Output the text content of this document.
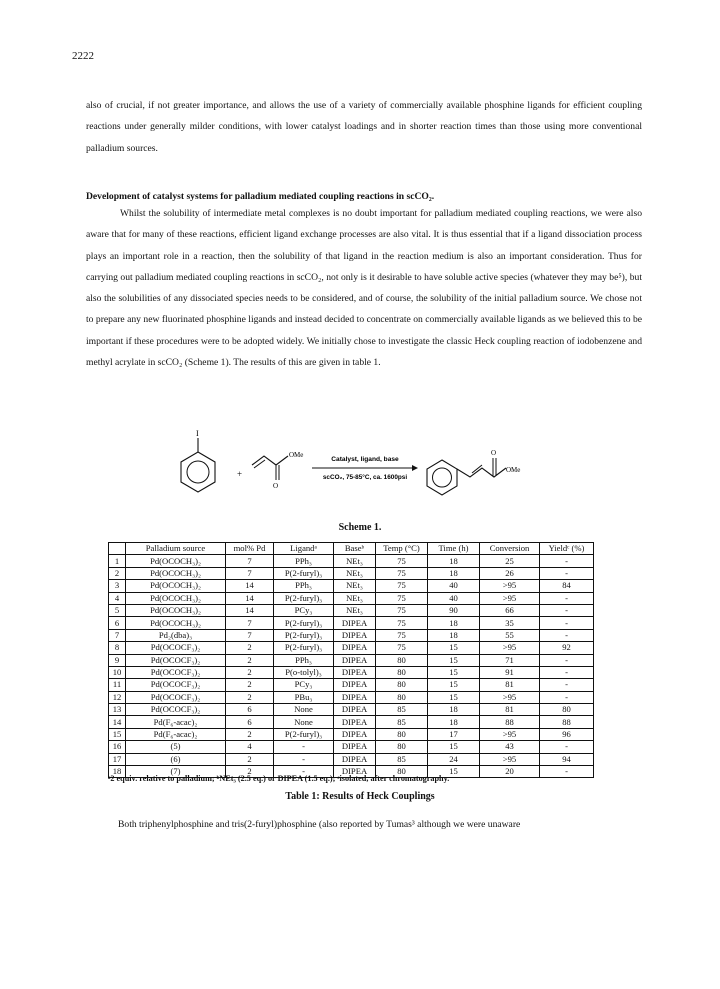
2222

also of crucial, if not greater importance, and allows the use of a variety of commercially available phosphine ligands for efficient coupling reactions under generally milder conditions, with lower catalyst loadings and in shorter reaction times than those using more conventional palladium sources.

Development of catalyst systems for palladium mediated coupling reactions in scCO₂.

Whilst the solubility of intermediate metal complexes is no doubt important for palladium mediated coupling reactions, we were also aware that for many of these reactions, efficient ligand exchange processes are also vital. It is thus essential that if a ligand dissociation process plays an important role in a reaction, then the solubility of that ligand in the reaction medium is also an important consideration. Thus for carrying out palladium mediated coupling reactions in scCO₂, not only is it desirable to have soluble active species (whatever they may be⁵), but also the solubilities of any dissociated species needs to be considered, and of course, the solubility of the initial palladium source. We chose not to prepare any new fluorinated phosphine ligands and instead decided to concentrate on commercially available ligands as we believed this to be important if these procedures were to be adopted widely. We initially chose to investigate the classic Heck coupling reaction of iodobenzene and methyl acrylate in scCO₂ (Scheme 1). The results of this are given in table 1.

I
+
O
OMe
Catalyst, ligand, base
scCO₂, 75-85°C, ca. 1600psi
O
OMe
Scheme 1.
	Palladium source	mol% Pd	Ligandᵃ	Baseᵇ	Temp (°C)	Time (h)	Conversion	Yieldᶜ (%)
1	Pd(OCOCH₃)₂	7	PPh₃	NEt₃	75	18	25	-
2	Pd(OCOCH₃)₂	7	P(2-furyl)₃	NEt₃	75	18	26	-
3	Pd(OCOCH₃)₂	14	PPh₃	NEt₃	75	40	>95	84
4	Pd(OCOCH₃)₂	14	P(2-furyl)₃	NEt₃	75	40	>95	-
5	Pd(OCOCH₃)₂	14	PCy₃	NEt₃	75	90	66	-
6	Pd(OCOCH₃)₂	7	P(2-furyl)₃	DIPEA	75	18	35	-
7	Pd₂(dba)₃	7	P(2-furyl)₃	DIPEA	75	18	55	-
8	Pd(OCOCF₃)₂	2	P(2-furyl)₃	DIPEA	75	15	>95	92
9	Pd(OCOCF₃)₂	2	PPh₃	DIPEA	80	15	71	-
10	Pd(OCOCF₃)₂	2	P(o-tolyl)₃	DIPEA	80	15	91	-
11	Pd(OCOCF₃)₂	2	PCy₃	DIPEA	80	15	81	-
12	Pd(OCOCF₃)₂	2	PBu₃	DIPEA	80	15	>95	-
13	Pd(OCOCF₃)₂	6	None	DIPEA	85	18	81	80
14	Pd(F₆-acac)₂	6	None	DIPEA	85	18	88	88
15	Pd(F₆-acac)₂	2	P(2-furyl)₃	DIPEA	80	17	>95	96
16	(5)	4	-	DIPEA	80	15	43	-
17	(6)	2	-	DIPEA	85	24	>95	94
18	(7)	2	-	DIPEA	80	15	20	-
ᵃ2 equiv. relative to palladium; ᵇNEt₃ (2.5 eq.) or DIPEA (1.5 eq.); ᶜisolated, after chromatography.
Table 1: Results of Heck Couplings
Both triphenylphosphine and tris(2-furyl)phosphine (also reported by Tumas³ although we were unaware
